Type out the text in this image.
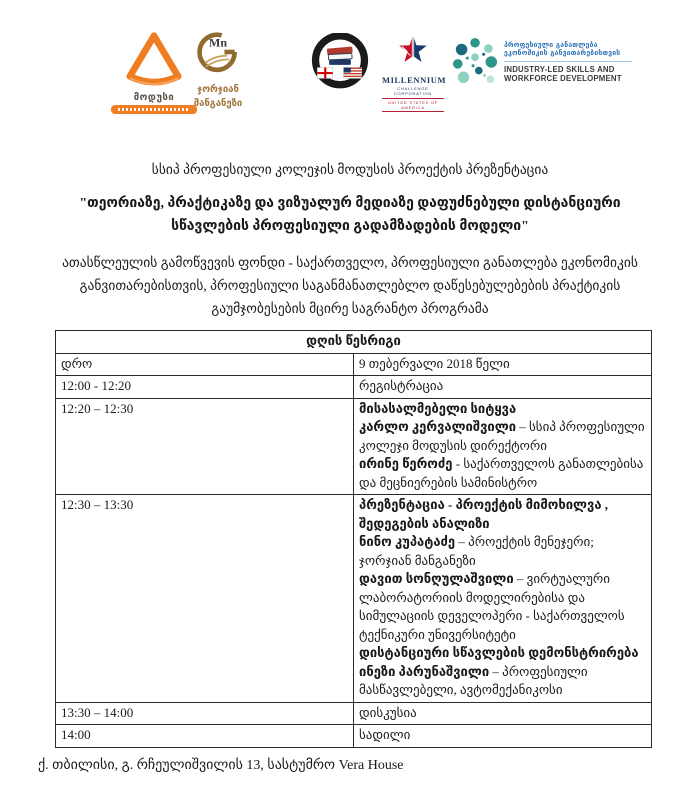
მოდუსი
Mn
ჯორჯიან
მანგანეზი
MILLENNIUM
CHALLENGE CORPORATION
UNITED STATES OF AMERICA
პროფესიული განათლება
ეკონომიკის განვითარებისთვის
INDUSTRY-LED SKILLS AND
WORKFORCE DEVELOPMENT
სსიპ პროფესიული კოლეჯის მოდუსის პროექტის პრეზენტაცია
"თეორიაზე, პრაქტიკაზე და ვიზუალურ მედიაზე დაფუძნებული დისტანციური სწავლების პროფესიული გადამზადების მოდელი"
ათასწლეულის გამოწვევის ფონდი - საქართველო, პროფესიული განათლება ეკონომიკის განვითარებისთვის, პროფესიული საგანმანათლებლო დაწესებულებების პრაქტიკის გაუმჯობესების მცირე საგრანტო პროგრამა
დღის წესრიგი	
დრო	9 თებერვალი 2018 წელი

12:00 - 12:20	რეგისტრაცია

12:20 – 12:30	მისასალმებელი სიტყვა
კარლო კერვალიშვილი – სსიპ პროფესიული კოლეჯი მოდუსის დირექტორი
ირინე წეროძე - საქართველოს განათლებისა და მეცნიერების სამინისტრო

12:30 – 13:30	პრეზენტაცია - პროექტის მიმოხილვა , შედეგების ანალიზი
ნინო კუპატაძე – პროექტის მენეჯერი; ჯორჯიან მანგანეზი
დავით სონღულაშვილი – ვირტუალური ლაბორატორიის მოდელირებისა და სიმულაციის დეველოპერი - საქართველოს ტექნიკური უნივერსიტეტი
დისტანციური სწავლების დემონსტრირება
ინეზი პარუნაშვილი – პროფესიული მასწავლებელი, ავტომექანიკოსი

13:30 – 14:00	დისკუსია

14:00	სადილი
ქ. თბილისი, გ. რჩეულიშვილის 13, სასტუმრო Vera House
